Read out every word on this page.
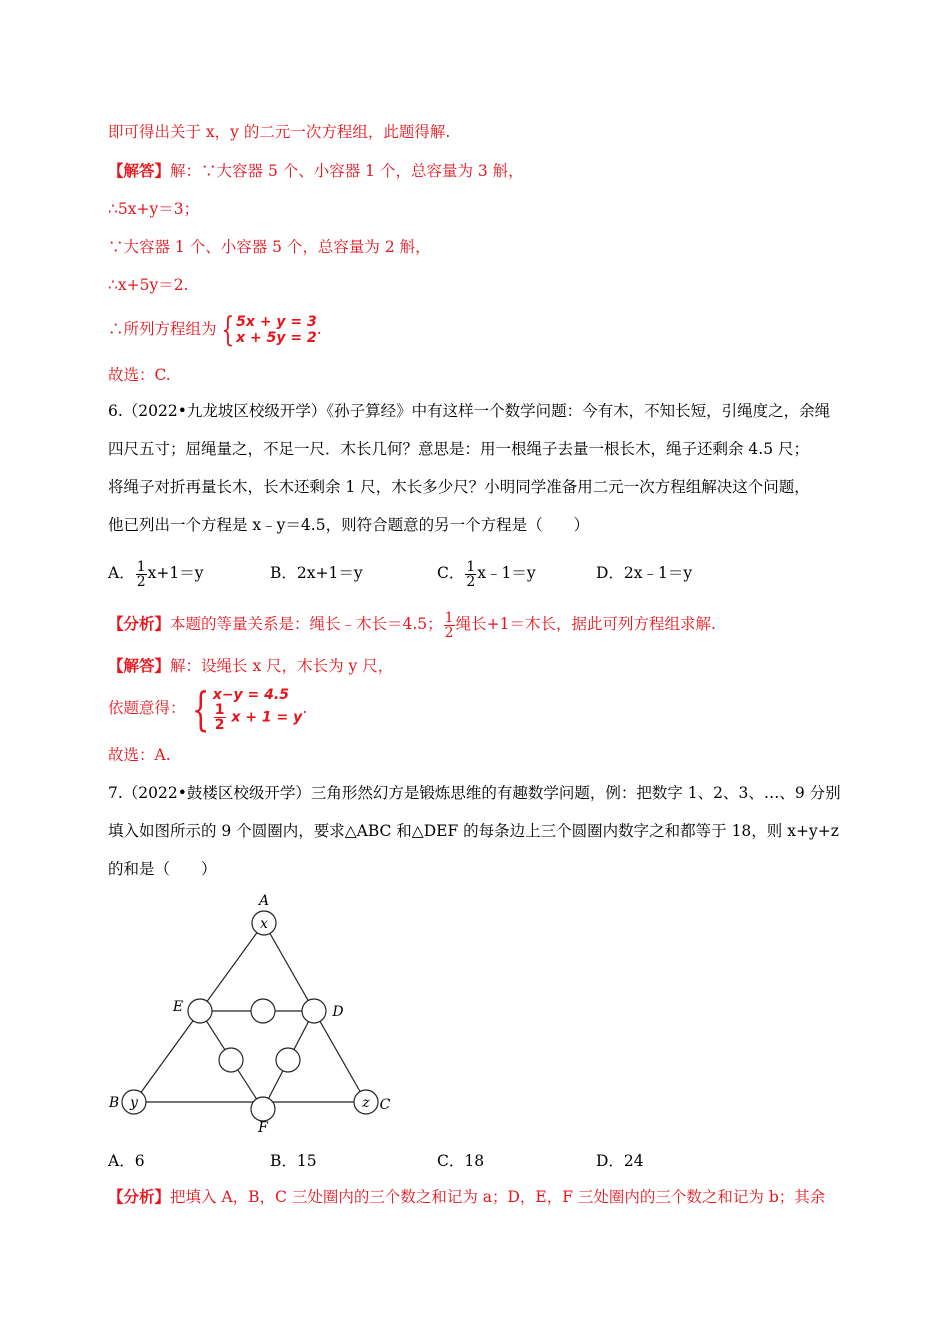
即可得出关于 x，y 的二元一次方程组，此题得解.
【解答】解：∵大容器 5 个、小容器 1 个，总容量为 3 斛，
∴5x+y＝3；
∵大容器 1 个、小容器 5 个，总容量为 2 斛，
∴x+5y＝2.
∴所列方程组为 { 5x + y = 3
x + 5y = 2 .
故选：C.
6.（2022•九龙坡区校级开学）《孙子算经》中有这样一个数学问题：今有木，不知长短，引绳度之，余绳
四尺五寸；屈绳量之，不足一尺．木长几何？意思是：用一根绳子去量一根长木，绳子还剩余 4.5 尺；
将绳子对折再量长木，长木还剩余 1 尺，木长多少尺？小明同学准备用二元一次方程组解决这个问题，
他已列出一个方程是 x﹣y＝4.5，则符合题意的另一个方程是（　　）
A． $\frac{1}{2} x+1=y$	B．2x+1＝y	C． $\frac{1}{2}$ x﹣1＝y	D．2x﹣1＝y
【分析】本题的等量关系是：绳长﹣木长＝4.5； $\frac{1}{2}$ 绳长+1＝木长，据此可列方程组求解.
【解答】解：设绳长 x 尺，木长为 y 尺，
依题意得： { x−y = 4.5
$\frac{1}{2}$ x + 1 = y .
故选：A.
7.（2022•鼓楼区校级开学）三角形然幻方是锻炼思维的有趣数学问题，例：把数字 1、2、3、…、9 分别
填入如图所示的 9 个圆圈内，要求△ABC 和△DEF 的每条边上三个圆圈内数字之和都等于 18，则 x+y+z
的和是（　　）
x
y	z
A
B	C
D
E
F
A．6	B．15	C．18	D．24
【分析】把填入 A，B，C 三处圈内的三个数之和记为 a；D，E，F 三处圈内的三个数之和记为 b；其余
